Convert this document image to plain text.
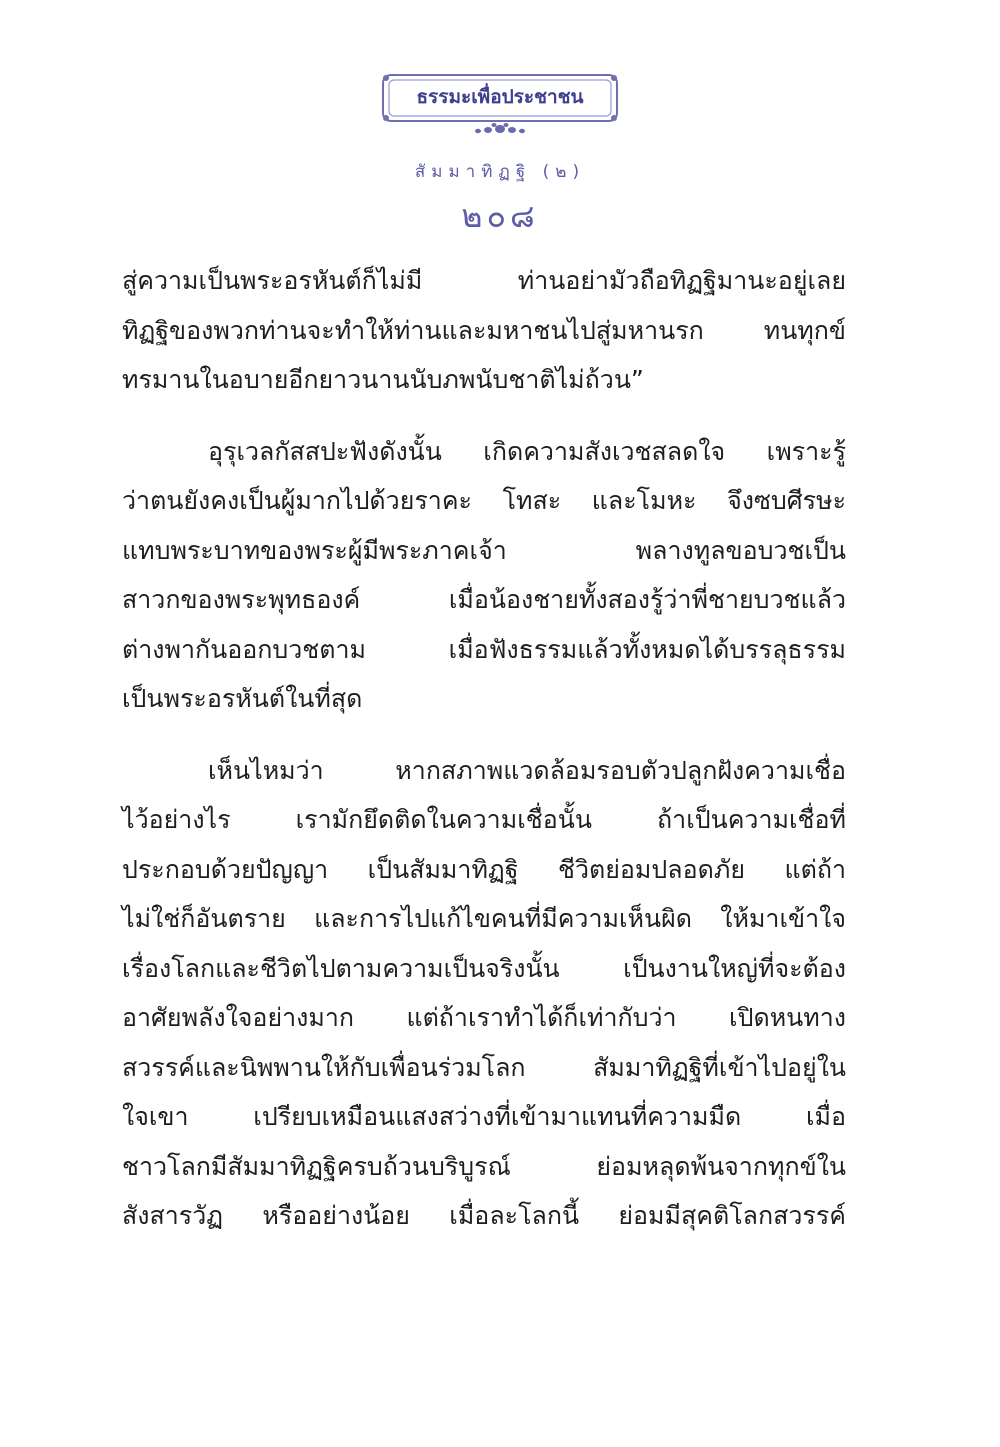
ธรรมะเพื่อประชาชน
สัมมาทิฏฐิ (๒)
๒๐๘
สู่ความเป็นพระอรหันต์ก็ไม่มี ท่านอย่ามัวถือทิฏฐิมานะอยู่เลย
ทิฏฐิของพวกท่านจะทำให้ท่านและมหาชนไปสู่มหานรก ทนทุกข์
ทรมานในอบายอีกยาวนานนับภพนับชาติไม่ถ้วน”
อุรุเวลกัสสปะฟังดังนั้น เกิดความสังเวชสลดใจ เพราะรู้
ว่าตนยังคงเป็นผู้มากไปด้วยราคะ โทสะ และโมหะ จึงซบศีรษะ
แทบพระบาทของพระผู้มีพระภาคเจ้า พลางทูลขอบวชเป็น
สาวกของพระพุทธองค์ เมื่อน้องชายทั้งสองรู้ว่าพี่ชายบวชแล้ว
ต่างพากันออกบวชตาม เมื่อฟังธรรมแล้วทั้งหมดได้บรรลุธรรม
เป็นพระอรหันต์ในที่สุด
เห็นไหมว่า หากสภาพแวดล้อมรอบตัวปลูกฝังความเชื่อ
ไว้อย่างไร เรามักยึดติดในความเชื่อนั้น ถ้าเป็นความเชื่อที่
ประกอบด้วยปัญญา เป็นสัมมาทิฏฐิ ชีวิตย่อมปลอดภัย แต่ถ้า
ไม่ใช่ก็อันตราย และการไปแก้ไขคนที่มีความเห็นผิด ให้มาเข้าใจ
เรื่องโลกและชีวิตไปตามความเป็นจริงนั้น เป็นงานใหญ่ที่จะต้อง
อาศัยพลังใจอย่างมาก แต่ถ้าเราทำได้ก็เท่ากับว่า เปิดหนทาง
สวรรค์และนิพพานให้กับเพื่อนร่วมโลก สัมมาทิฏฐิที่เข้าไปอยู่ใน
ใจเขา เปรียบเหมือนแสงสว่างที่เข้ามาแทนที่ความมืด เมื่อ
ชาวโลกมีสัมมาทิฏฐิครบถ้วนบริบูรณ์ ย่อมหลุดพ้นจากทุกข์ใน
สังสารวัฏ หรืออย่างน้อย เมื่อละโลกนี้ ย่อมมีสุคติโลกสวรรค์
